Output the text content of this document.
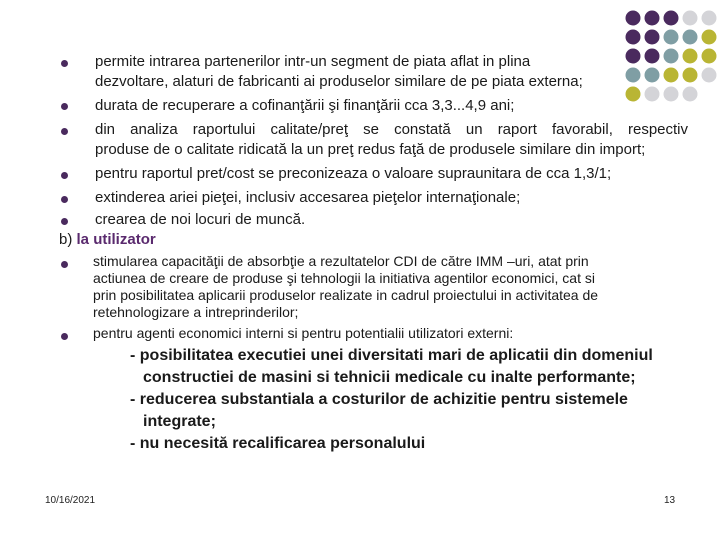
permite intrarea partenerilor intr-un segment de piata aflat in plina
dezvoltare, alaturi de fabricanti ai produselor similare de pe piata externa;
durata de recuperare a cofinanţării şi finanţării cca 3,3...4,9 ani;
din analiza raportului calitate/preţ se constată un raport favorabil, respectiv
produse de o calitate ridicată la un preţ redus faţă de produsele similare din import;
pentru raportul pret/cost se preconizeaza o valoare supraunitara de cca 1,3/1;
extinderea ariei pieţei, inclusiv accesarea pieţelor internaţionale;
crearea de noi locuri de muncă.
b) la utilizator
stimularea capacităţii de absorbţie a rezultatelor CDI de către IMM –uri, atat prin
actiunea de creare de produse şi tehnologii la initiativa agentilor economici, cat si
prin posibilitatea aplicarii produselor realizate in cadrul proiectului in activitatea de
retehnologizare a intreprinderilor;
pentru agenti economici interni si pentru potentialii utilizatori externi:
- posibilitatea executiei unei diversitati mari de aplicatii din domeniul
constructiei de masini si tehnicii medicale cu inalte performante;
- reducerea substantiala a costurilor de achizitie pentru sistemele
integrate;
- nu necesită recalificarea personalului
10/16/2021	13
